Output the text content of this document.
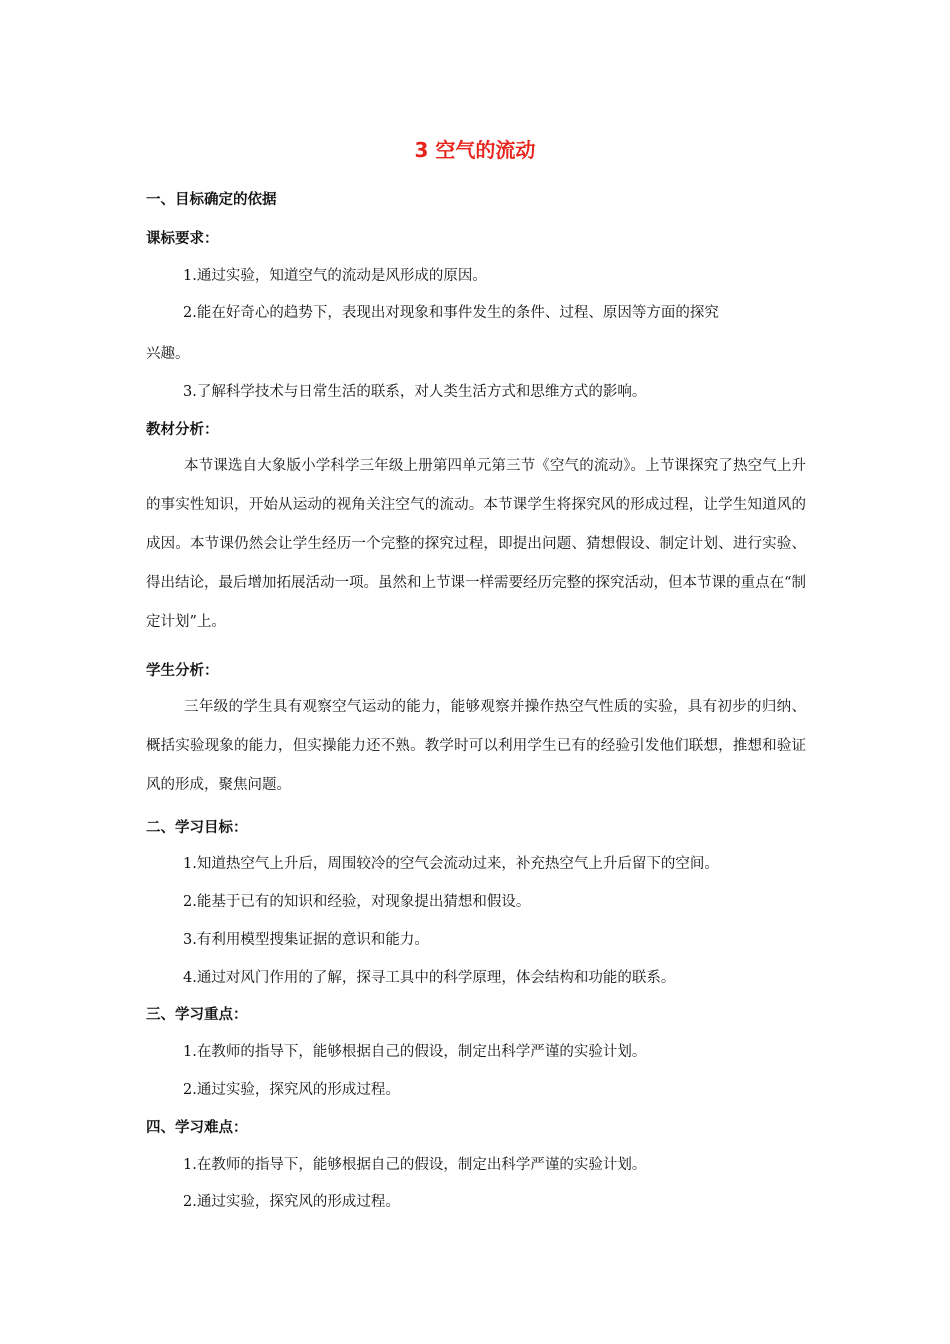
3 空气的流动
一、目标确定的依据
课标要求：
1.通过实验，知道空气的流动是风形成的原因。
2.能在好奇心的趋势下，表现出对现象和事件发生的条件、过程、原因等方面的探究
兴趣。
3.了解科学技术与日常生活的联系，对人类生活方式和思维方式的影响。
教材分析：
本节课选自大象版小学科学三年级上册第四单元第三节《空气的流动》。上节课探究了热空气上升的事实性知识，开始从运动的视角关注空气的流动。本节课学生将探究风的形成过程，让学生知道风的成因。本节课仍然会让学生经历一个完整的探究过程，即提出问题、猜想假设、制定计划、进行实验、得出结论，最后增加拓展活动一项。虽然和上节课一样需要经历完整的探究活动，但本节课的重点在“制定计划”上。
学生分析：
三年级的学生具有观察空气运动的能力，能够观察并操作热空气性质的实验，具有初步的归纳、概括实验现象的能力，但实操能力还不熟。教学时可以利用学生已有的经验引发他们联想，推想和验证风的形成，聚焦问题。
二、学习目标：
1.知道热空气上升后，周围较冷的空气会流动过来，补充热空气上升后留下的空间。
2.能基于已有的知识和经验，对现象提出猜想和假设。
3.有利用模型搜集证据的意识和能力。
4.通过对风门作用的了解，探寻工具中的科学原理，体会结构和功能的联系。
三、学习重点：
1.在教师的指导下，能够根据自己的假设，制定出科学严谨的实验计划。
2.通过实验，探究风的形成过程。
四、学习难点：
1.在教师的指导下，能够根据自己的假设，制定出科学严谨的实验计划。
2.通过实验，探究风的形成过程。
